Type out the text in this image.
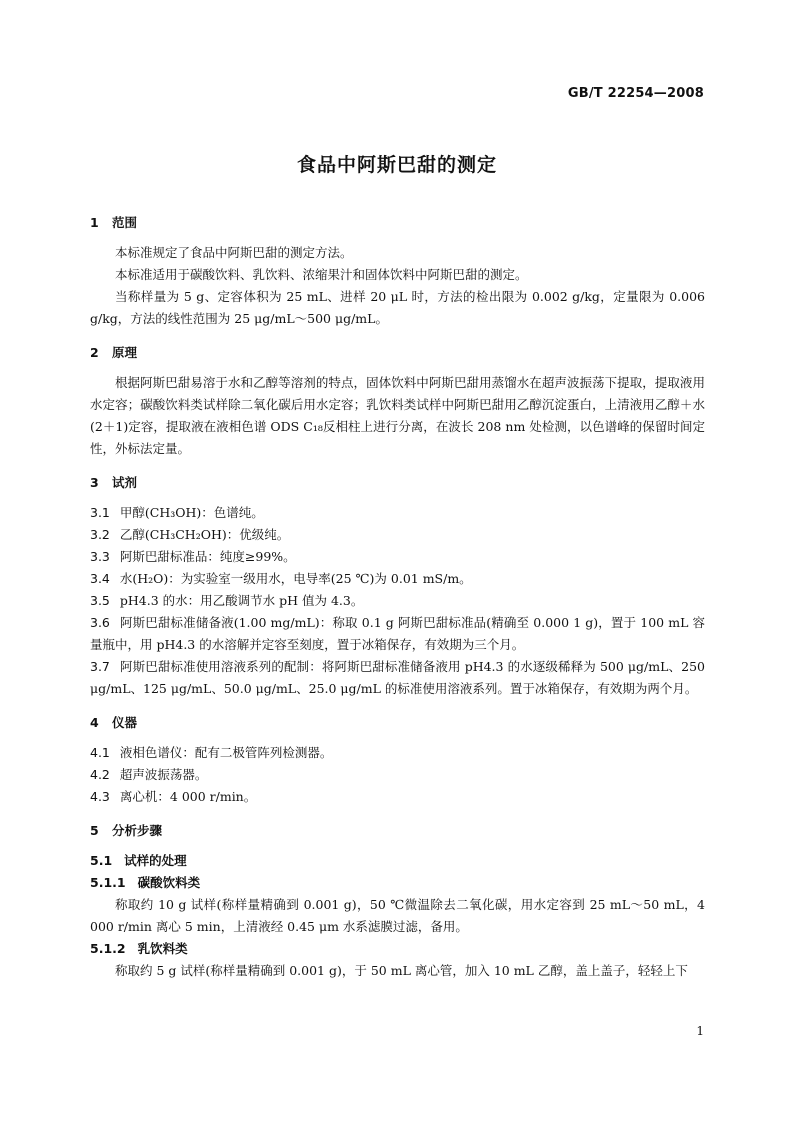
GB/T 22254—2008
食品中阿斯巴甜的测定
1 范围

本标准规定了食品中阿斯巴甜的测定方法。

本标准适用于碳酸饮料、乳饮料、浓缩果汁和固体饮料中阿斯巴甜的测定。

当称样量为 5 g、定容体积为 25 mL、进样 20 μL 时，方法的检出限为 0.002 g/kg，定量限为 0.006 g/kg，方法的线性范围为 25 μg/mL～500 μg/mL。

2 原理

根据阿斯巴甜易溶于水和乙醇等溶剂的特点，固体饮料中阿斯巴甜用蒸馏水在超声波振荡下提取，提取液用水定容；碳酸饮料类试样除二氧化碳后用水定容；乳饮料类试样中阿斯巴甜用乙醇沉淀蛋白，上清液用乙醇＋水(2＋1)定容，提取液在液相色谱 ODS C₁₈反相柱上进行分离，在波长 208 nm 处检测，以色谱峰的保留时间定性，外标法定量。

3 试剂

3.1 甲醇(CH₃OH)：色谱纯。

3.2 乙醇(CH₃CH₂OH)：优级纯。

3.3 阿斯巴甜标准品：纯度≥99%。

3.4 水(H₂O)：为实验室一级用水，电导率(25 ℃)为 0.01 mS/m。

3.5 pH4.3 的水：用乙酸调节水 pH 值为 4.3。

3.6 阿斯巴甜标准储备液(1.00 mg/mL)：称取 0.1 g 阿斯巴甜标准品(精确至 0.000 1 g)，置于 100 mL 容量瓶中，用 pH4.3 的水溶解并定容至刻度，置于冰箱保存，有效期为三个月。

3.7 阿斯巴甜标准使用溶液系列的配制：将阿斯巴甜标准储备液用 pH4.3 的水逐级稀释为 500 μg/mL、250 μg/mL、125 μg/mL、50.0 μg/mL、25.0 μg/mL 的标准使用溶液系列。置于冰箱保存，有效期为两个月。

4 仪器

4.1 液相色谱仪：配有二极管阵列检测器。

4.2 超声波振荡器。

4.3 离心机：4 000 r/min。

5 分析步骤
5.1 试样的处理
5.1.1 碳酸饮料类

称取约 10 g 试样(称样量精确到 0.001 g)，50 ℃微温除去二氧化碳，用水定容到 25 mL～50 mL，4 000 r/min 离心 5 min，上清液经 0.45 μm 水系滤膜过滤，备用。

5.1.2 乳饮料类

称取约 5 g 试样(称样量精确到 0.001 g)，于 50 mL 离心管，加入 10 mL 乙醇，盖上盖子，轻轻上下

1
